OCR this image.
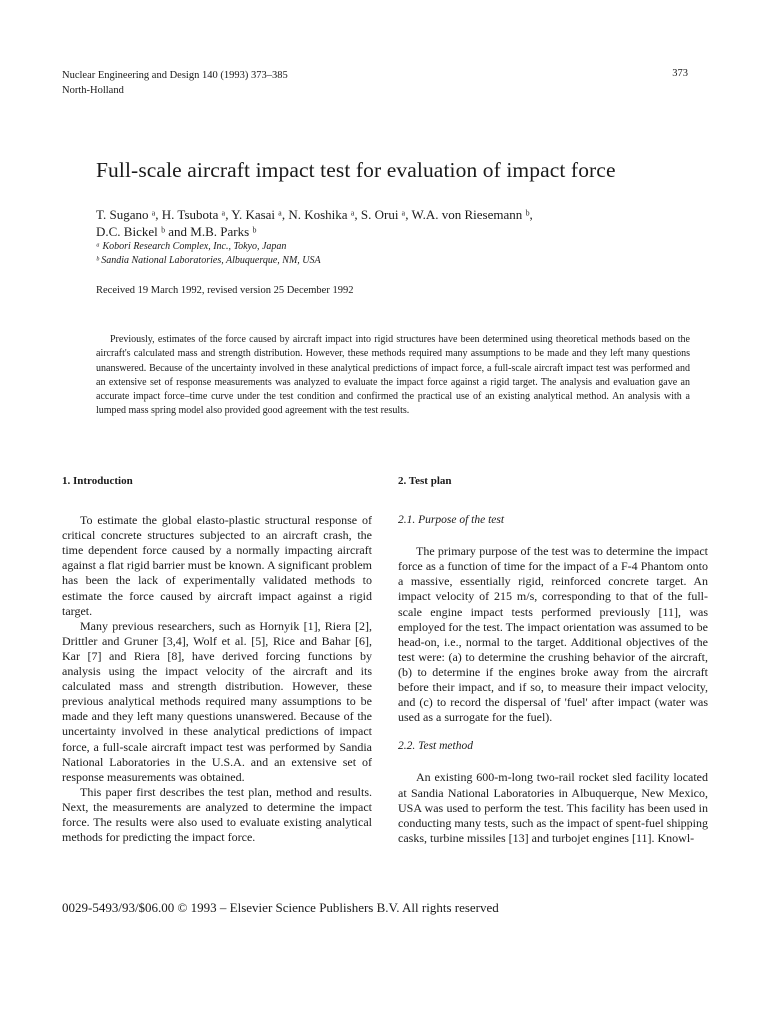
Nuclear Engineering and Design 140 (1993) 373–385
North-Holland
373
Full-scale aircraft impact test for evaluation of impact force
T. Sugano ᵃ, H. Tsubota ᵃ, Y. Kasai ᵃ, N. Koshika ᵃ, S. Orui ᵃ, W.A. von Riesemann ᵇ,
D.C. Bickel ᵇ and M.B. Parks ᵇ
ᵃ Kobori Research Complex, Inc., Tokyo, Japan
ᵇ Sandia National Laboratories, Albuquerque, NM, USA
Received 19 March 1992, revised version 25 December 1992

Previously, estimates of the force caused by aircraft impact into rigid structures have been determined using theoretical methods based on the aircraft's calculated mass and strength distribution. However, these methods required many assumptions to be made and they left many questions unanswered. Because of the uncertainty involved in these analytical predictions of impact force, a full-scale aircraft impact test was performed and an extensive set of response measurements was analyzed to evaluate the impact force against a rigid target. The analysis and evaluation gave an accurate impact force–time curve under the test condition and confirmed the practical use of an existing analytical method. An analysis with a lumped mass spring model also provided good agreement with the test results.

1. Introduction

To estimate the global elasto-plastic structural response of critical concrete structures subjected to an aircraft crash, the time dependent force caused by a normally impacting aircraft against a flat rigid barrier must be known. A significant problem has been the lack of experimentally validated methods to estimate the force caused by aircraft impact against a rigid target.

Many previous researchers, such as Hornyik [1], Riera [2], Drittler and Gruner [3,4], Wolf et al. [5], Rice and Bahar [6], Kar [7] and Riera [8], have derived forcing functions by analysis using the impact velocity of the aircraft and its calculated mass and strength distribution. However, these previous analytical methods required many assumptions to be made and they left many questions unanswered. Because of the uncertainty involved in these analytical predictions of impact force, a full-scale aircraft impact test was performed by Sandia National Laboratories in the U.S.A. and an extensive set of response measurements was obtained.

This paper first describes the test plan, method and results. Next, the measurements are analyzed to determine the impact force. The results were also used to evaluate existing analytical methods for predicting the impact force.

2. Test plan
2.1. Purpose of the test

The primary purpose of the test was to determine the impact force as a function of time for the impact of a F-4 Phantom onto a massive, essentially rigid, reinforced concrete target. An impact velocity of 215 m/s, corresponding to that of the full-scale engine impact tests performed previously [11], was employed for the test. The impact orientation was assumed to be head-on, i.e., normal to the target. Additional objectives of the test were: (a) to determine the crushing behavior of the aircraft, (b) to determine if the engines broke away from the aircraft before their impact, and if so, to measure their impact velocity, and (c) to record the dispersal of 'fuel' after impact (water was used as a surrogate for the fuel).

2.2. Test method

An existing 600-m-long two-rail rocket sled facility located at Sandia National Laboratories in Albuquerque, New Mexico, USA was used to perform the test. This facility has been used in conducting many tests, such as the impact of spent-fuel shipping casks, turbine missiles [13] and turbojet engines [11]. Knowl-

0029-5493/93/$06.00 © 1993 – Elsevier Science Publishers B.V. All rights reserved
